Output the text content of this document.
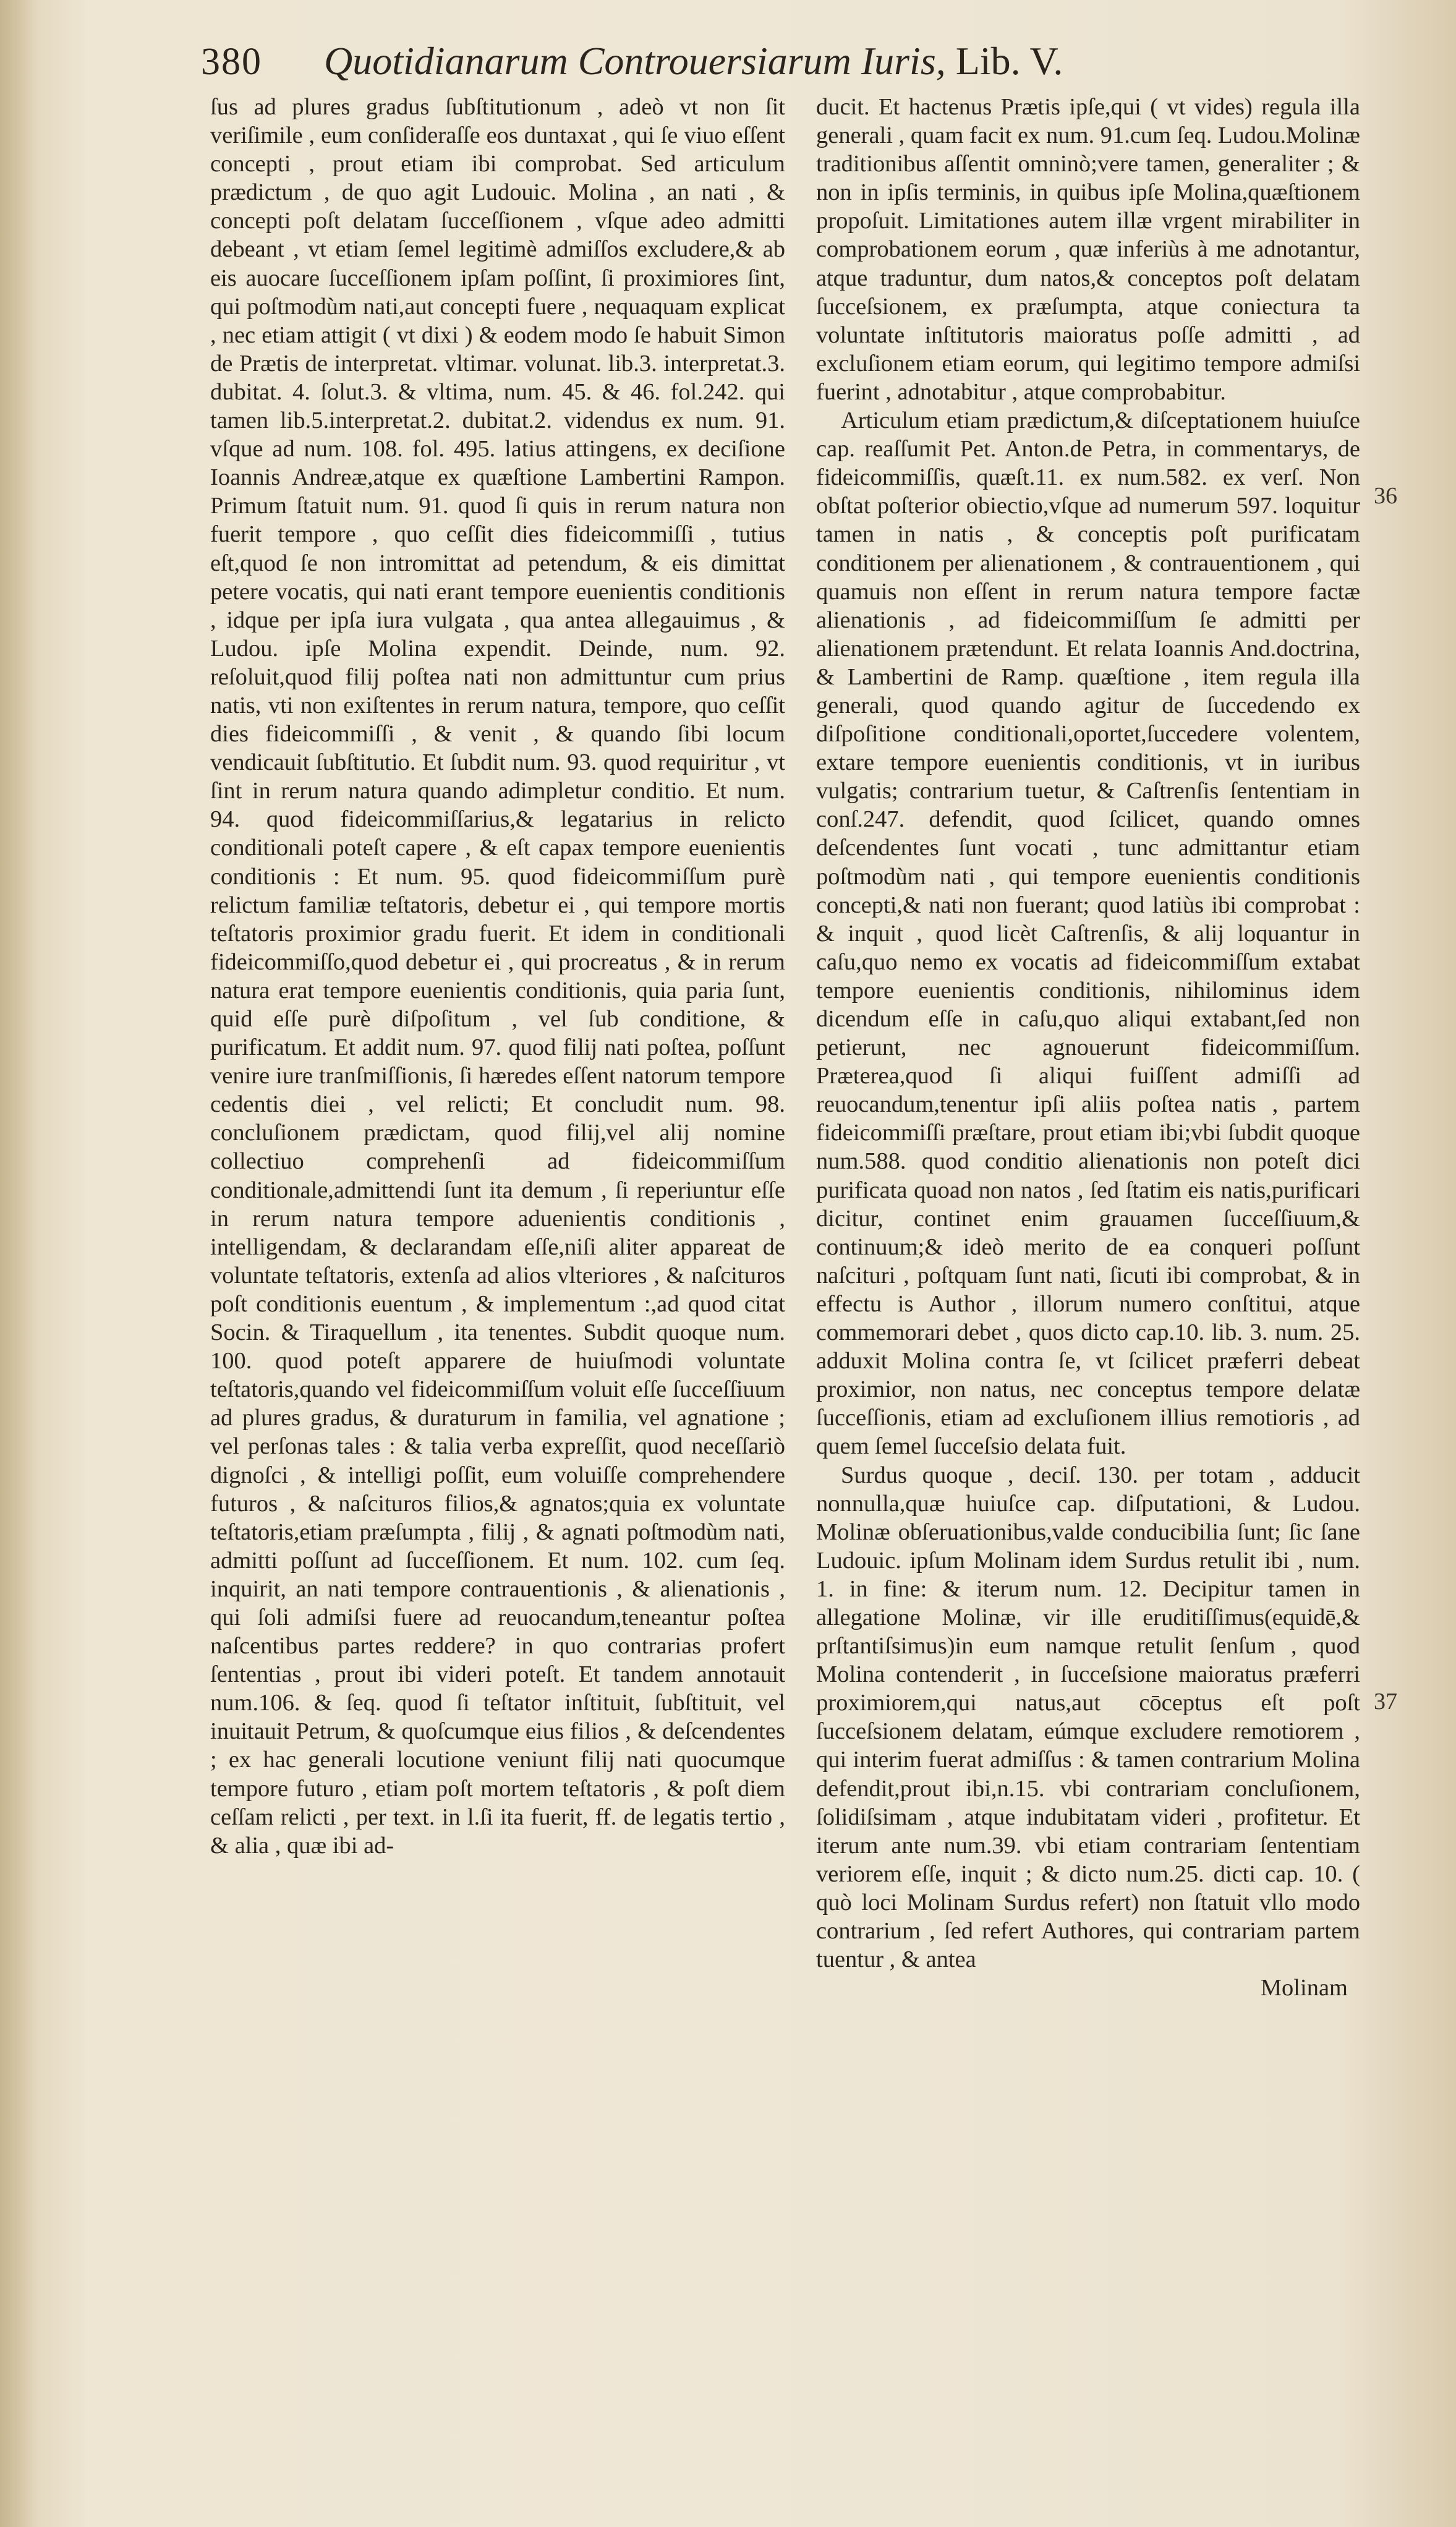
380 Quotidianarum Controuersiarum Iuris, Lib. V.

ſus ad plures gradus ſubſtitutionum , adeò vt non ſit veriſimile , eum conſideraſſe eos duntaxat , qui ſe viuo eſſent concepti , prout etiam ibi comprobat. Sed articulum prædictum , de quo agit Ludouic. Molina , an nati , & concepti poſt delatam ſucceſſionem , vſque adeo admitti debeant , vt etiam ſemel legitimè admiſſos excludere,& ab eis auocare ſucceſſionem ipſam poſſint, ſi proximiores ſint, qui poſtmodùm nati,aut concepti fuere , nequaquam explicat , nec etiam attigit ( vt dixi ) & eodem modo ſe habuit Simon de Prætis de interpretat. vltimar. volunat. lib.3. interpretat.3. dubitat. 4. ſolut.3. & vltima, num. 45. & 46. fol.242. qui tamen lib.5.interpretat.2. dubitat.2. videndus ex num. 91. vſque ad num. 108. fol. 495. latius attingens, ex deciſione Ioannis Andreæ,atque ex quæſtione Lambertini Rampon. Primum ſtatuit num. 91. quod ſi quis in rerum natura non fuerit tempore , quo ceſſit dies fideicommiſſi , tutius eſt,quod ſe non intromittat ad petendum, & eis dimittat petere vocatis, qui nati erant tempore euenientis conditionis , idque per ipſa iura vulgata , qua antea allegauimus , & Ludou. ipſe Molina expendit. Deinde, num. 92. reſoluit,quod filij poſtea nati non admittuntur cum prius natis, vti non exiſtentes in rerum natura, tempore, quo ceſſit dies fideicommiſſi , & venit , & quando ſibi locum vendicauit ſubſtitutio. Et ſubdit num. 93. quod requiritur , vt ſint in rerum natura quando adimpletur conditio. Et num. 94. quod fideicommiſſarius,& legatarius in relicto conditionali poteſt capere , & eſt capax tempore euenientis conditionis : Et num. 95. quod fideicommiſſum purè relictum familiæ teſtatoris, debetur ei , qui tempore mortis teſtatoris proximior gradu fuerit. Et idem in conditionali fideicommiſſo,quod debetur ei , qui procreatus , & in rerum natura erat tempore euenientis conditionis, quia paria ſunt, quid eſſe purè diſpoſitum , vel ſub conditione, & purificatum. Et addit num. 97. quod filij nati poſtea, poſſunt venire iure tranſmiſſionis, ſi hæredes eſſent natorum tempore cedentis diei , vel relicti; Et concludit num. 98. concluſionem prædictam, quod filij,vel alij nomine collectiuo comprehenſi ad fideicommiſſum conditionale,admittendi ſunt ita demum , ſi reperiuntur eſſe in rerum natura tempore aduenientis conditionis , intelligendam, & declarandam eſſe,niſi aliter appareat de voluntate teſtatoris, extenſa ad alios vlteriores , & naſcituros poſt conditionis euentum , & implementum :,ad quod citat Socin. & Tiraquellum , ita tenentes. Subdit quoque num. 100. quod poteſt apparere de huiuſmodi voluntate teſtatoris,quando vel fideicommiſſum voluit eſſe ſucceſſiuum ad plures gradus, & duraturum in familia, vel agnatione ; vel perſonas tales : & talia verba expreſſit, quod neceſſariò dignoſci , & intelligi poſſit, eum voluiſſe comprehendere futuros , & naſcituros filios,& agnatos;quia ex voluntate teſtatoris,etiam præſumpta , filij , & agnati poſtmodùm nati, admitti poſſunt ad ſucceſſionem. Et num. 102. cum ſeq. inquirit, an nati tempore contrauentionis , & alienationis , qui ſoli admiſsi fuere ad reuocandum,teneantur poſtea naſcentibus partes reddere? in quo contrarias profert ſententias , prout ibi videri poteſt. Et tandem annotauit num.106. & ſeq. quod ſi teſtator inſtituit, ſubſtituit, vel inuitauit Petrum, & quoſcumque eius filios , & deſcendentes ; ex hac generali locutione veniunt filij nati quocumque tempore futuro , etiam poſt mortem teſtatoris , & poſt diem ceſſam relicti , per text. in l.ſi ita fuerit, ff. de legatis tertio , & alia , quæ ibi ad-

ducit. Et hactenus Prætis ipſe,qui ( vt vides) regula illa generali , quam facit ex num. 91.cum ſeq. Ludou.Molinæ traditionibus aſſentit omninò;vere tamen, generaliter ; & non in ipſis terminis, in quibus ipſe Molina,quæſtionem propoſuit. Limitationes autem illæ vrgent mirabiliter in comprobationem eorum , quæ inferiùs à me adnotantur, atque traduntur, dum natos,& conceptos poſt delatam ſucceſsionem, ex præſumpta, atque coniectura ta voluntate inſtitutoris maioratus poſſe admitti , ad excluſionem etiam eorum, qui legitimo tempore admiſsi fuerint , adnotabitur , atque comprobabitur.

Articulum etiam prædictum,& diſceptationem huiuſce cap. reaſſumit Pet. Anton.de Petra, in commentarys, de fideicommiſſis, quæſt.11. ex num.582. ex verſ. Non obſtat poſterior obiectio,vſque ad numerum 597. loquitur tamen in natis , & conceptis poſt purificatam conditionem per alienationem , & contrauentionem , qui quamuis non eſſent in rerum natura tempore factæ alienationis , ad fideicommiſſum ſe admitti per alienationem prætendunt. Et relata Ioannis And.doctrina, & Lambertini de Ramp. quæſtione , item regula illa generali, quod quando agitur de ſuccedendo ex diſpoſitione conditionali,oportet,ſuccedere volentem, extare tempore euenientis conditionis, vt in iuribus vulgatis; contrarium tuetur, & Caſtrenſis ſententiam in conſ.247. defendit, quod ſcilicet, quando omnes deſcendentes ſunt vocati , tunc admittantur etiam poſtmodùm nati , qui tempore euenientis conditionis concepti,& nati non fuerant; quod latiùs ibi comprobat : & inquit , quod licèt Caſtrenſis, & alij loquantur in caſu,quo nemo ex vocatis ad fideicommiſſum extabat tempore euenientis conditionis, nihilominus idem dicendum eſſe in caſu,quo aliqui extabant,ſed non petierunt, nec agnouerunt fideicommiſſum. Præterea,quod ſi aliqui fuiſſent admiſſi ad reuocandum,tenentur ipſi aliis poſtea natis , partem fideicommiſſi præſtare, prout etiam ibi;vbi ſubdit quoque num.588. quod conditio alienationis non poteſt dici purificata quoad non natos , ſed ſtatim eis natis,purificari dicitur, continet enim grauamen ſucceſſiuum,& continuum;& ideò merito de ea conqueri poſſunt naſcituri , poſtquam ſunt nati, ſicuti ibi comprobat, & in effectu is Author , illorum numero conſtitui, atque commemorari debet , quos dicto cap.10. lib. 3. num. 25. adduxit Molina contra ſe, vt ſcilicet præferri debeat proximior, non natus, nec conceptus tempore delatæ ſucceſſionis, etiam ad excluſionem illius remotioris , ad quem ſemel ſucceſsio delata fuit.

Surdus quoque , deciſ. 130. per totam , adducit nonnulla,quæ huiuſce cap. diſputationi, & Ludou. Molinæ obſeruationibus,valde conducibilia ſunt; ſic ſane Ludouic. ipſum Molinam idem Surdus retulit ibi , num. 1. in fine: & iterum num. 12. Decipitur tamen in allegatione Molinæ, vir ille eruditiſſimus(equidē,& prſtantiſsimus)in eum namque retulit ſenſum , quod Molina contenderit , in ſucceſsione maioratus præferri proximiorem,qui natus,aut cōceptus eſt poſt ſucceſsionem delatam, eúmque excludere remotiorem , qui interim fuerat admiſſus : & tamen contrarium Molina defendit,prout ibi,n.15. vbi contrariam concluſionem, ſolidiſsimam , atque indubitatam videri , profitetur. Et iterum ante num.39. vbi etiam contrariam ſententiam veriorem eſſe, inquit ; & dicto num.25. dicti cap. 10. ( quò loci Molinam Surdus refert) non ſtatuit vllo modo contrarium , ſed refert Authores, qui contrariam partem tuentur , & antea

Molinam

36
37
